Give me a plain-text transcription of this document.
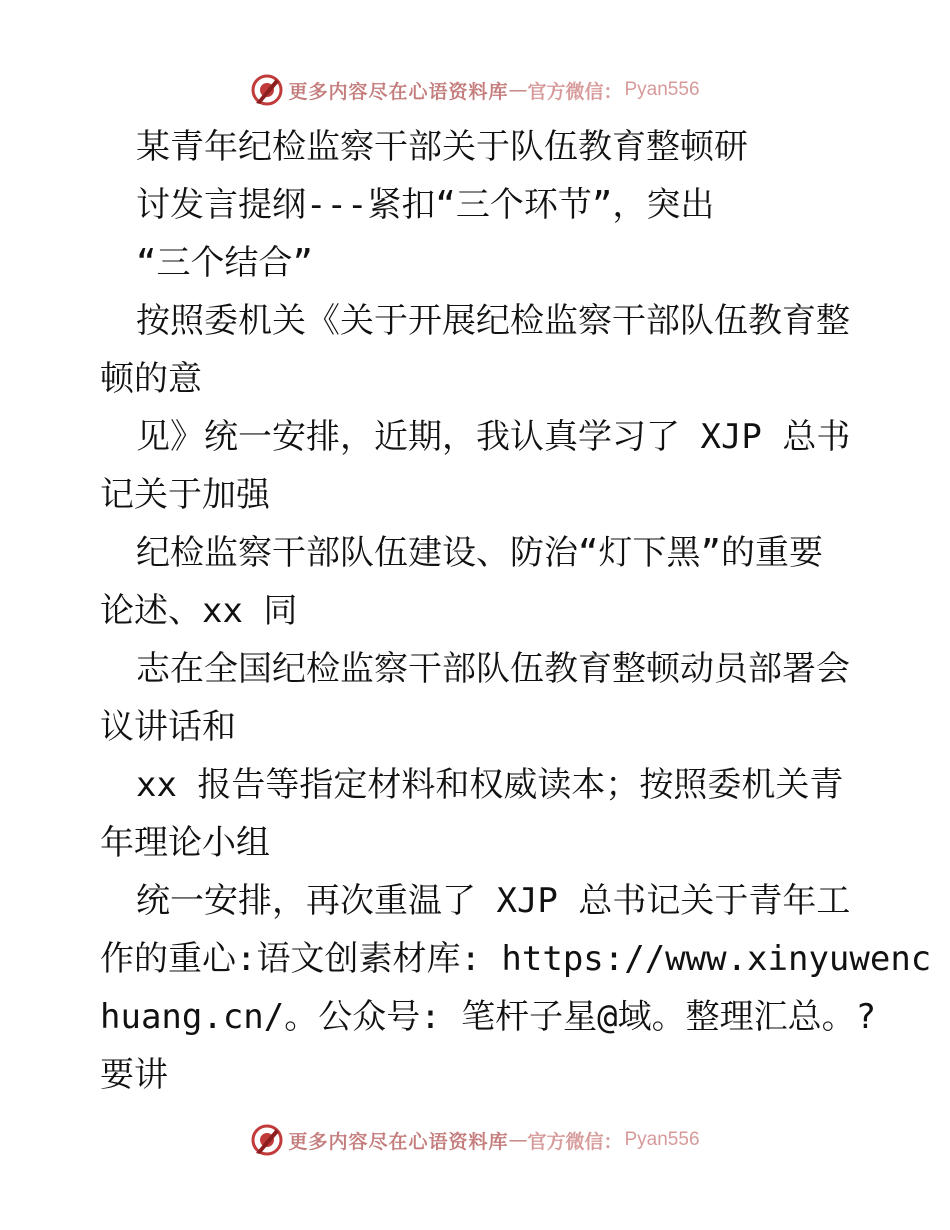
更多内容尽在心语资料库 — 官方微信： Pyan556
某青年纪检监察干部关于队伍教育整顿研
讨发言提纲---紧扣“三个环节”，突出
“三个结合”
按照委机关《关于开展纪检监察干部队伍教育整
顿的意
见》统一安排，近期，我认真学习了 XJP 总书
记关于加强
纪检监察干部队伍建设、防治“灯下黑”的重要
论述、xx 同
志在全国纪检监察干部队伍教育整顿动员部署会
议讲话和
xx 报告等指定材料和权威读本；按照委机关青
年理论小组
统一安排，再次重温了 XJP 总书记关于青年工
作的重心:语文创素材库: https://www.xinyuwenc
huang.cn/。公众号: 笔杆子星@域。整理汇总。?
要讲
更多内容尽在心语资料库 — 官方微信： Pyan556
